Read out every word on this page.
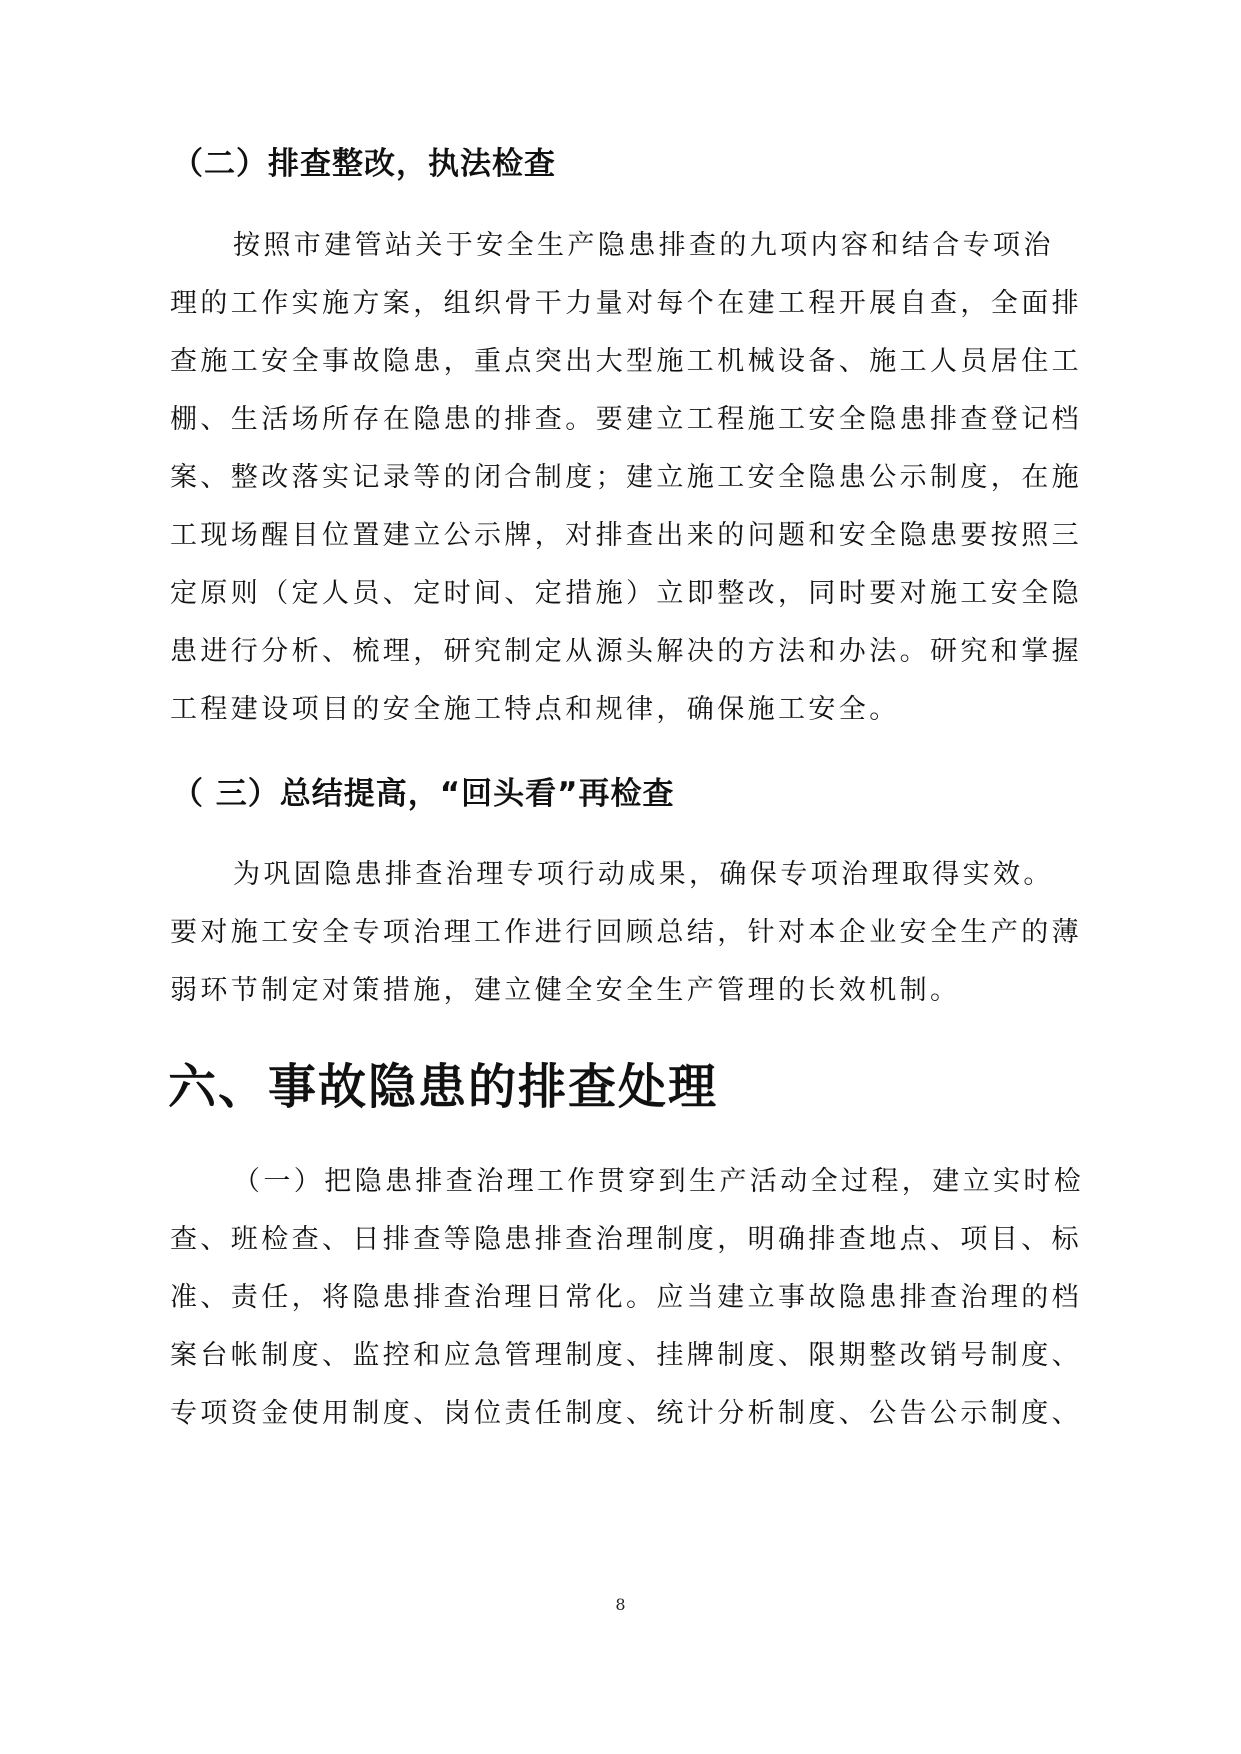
（二）排查整改，执法检查
按照市建管站关于安全生产隐患排查的九项内容和结合专项治
理的工作实施方案，组织骨干力量对每个在建工程开展自查，全面排
查施工安全事故隐患，重点突出大型施工机械设备、施工人员居住工
棚、生活场所存在隐患的排查。要建立工程施工安全隐患排查登记档
案、整改落实记录等的闭合制度；建立施工安全隐患公示制度，在施
工现场醒目位置建立公示牌，对排查出来的问题和安全隐患要按照三
定原则（定人员、定时间、定措施）立即整改，同时要对施工安全隐
患进行分析、梳理，研究制定从源头解决的方法和办法。研究和掌握
工程建设项目的安全施工特点和规律，确保施工安全。
（ 三）总结提高，“回头看”再检查
为巩固隐患排查治理专项行动成果，确保专项治理取得实效。
要对施工安全专项治理工作进行回顾总结，针对本企业安全生产的薄
弱环节制定对策措施，建立健全安全生产管理的长效机制。
六、事故隐患的排查处理
（一）把隐患排查治理工作贯穿到生产活动全过程，建立实时检
查、班检查、日排查等隐患排查治理制度，明确排查地点、项目、标
准、责任，将隐患排查治理日常化。应当建立事故隐患排查治理的档
案台帐制度、监控和应急管理制度、挂牌制度、限期整改销号制度、
专项资金使用制度、岗位责任制度、统计分析制度、公告公示制度、
8
